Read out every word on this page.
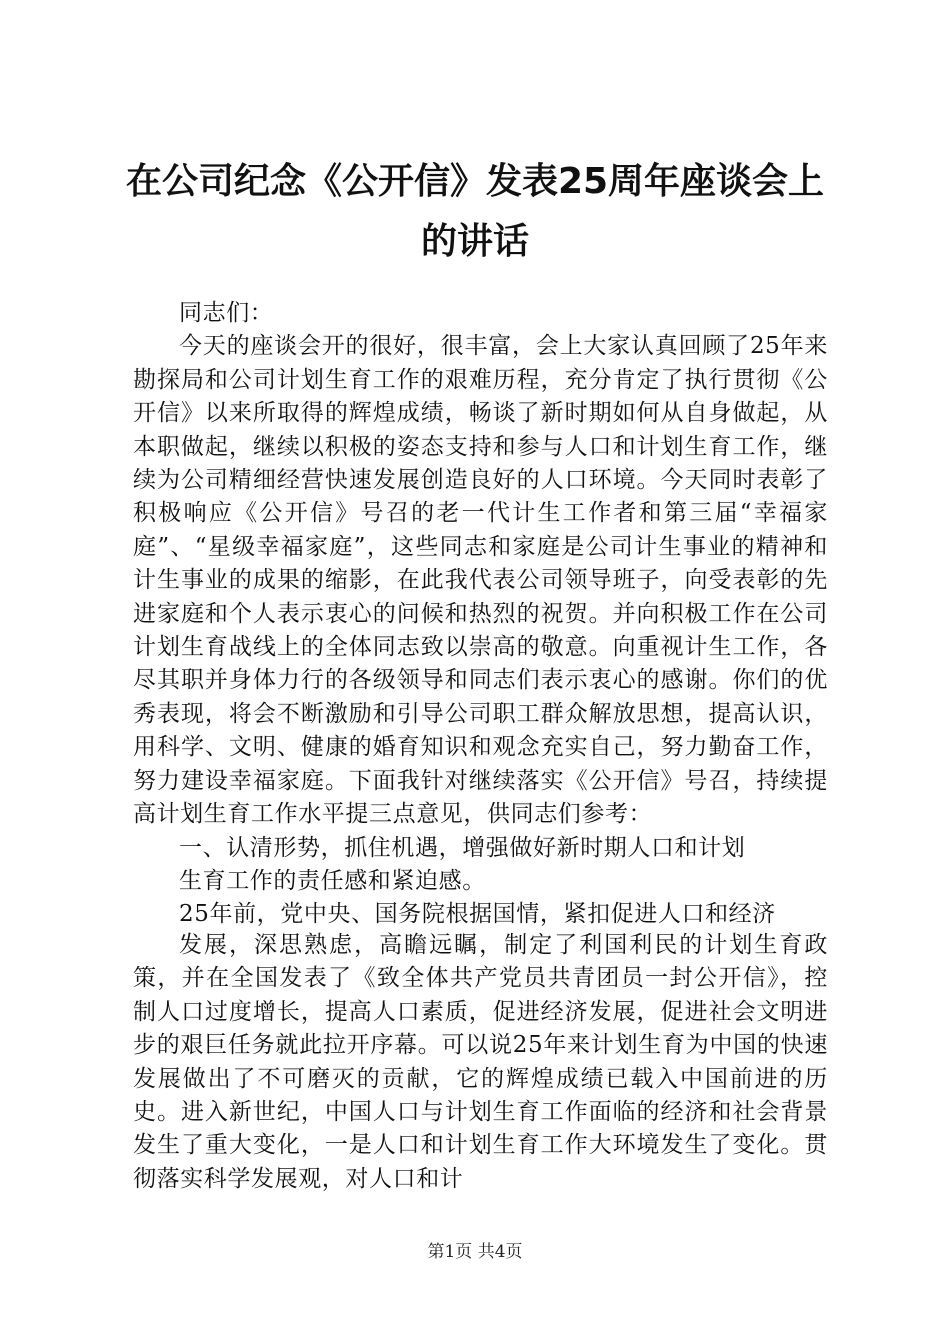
在公司纪念《公开信》发表25周年座谈会上
的讲话

同志们：

今天的座谈会开的很好，很丰富，会上大家认真回顾了25年来勘探局和公司计划生育工作的艰难历程，充分肯定了执行贯彻《公开信》以来所取得的辉煌成绩，畅谈了新时期如何从自身做起，从本职做起，继续以积极的姿态支持和参与人口和计划生育工作，继续为公司精细经营快速发展创造良好的人口环境。今天同时表彰了积极响应《公开信》号召的老一代计生工作者和第三届“幸福家庭”、“星级幸福家庭”，这些同志和家庭是公司计生事业的精神和计生事业的成果的缩影，在此我代表公司领导班子，向受表彰的先进家庭和个人表示衷心的问候和热烈的祝贺。并向积极工作在公司计划生育战线上的全体同志致以崇高的敬意。向重视计生工作，各尽其职并身体力行的各级领导和同志们表示衷心的感谢。你们的优秀表现，将会不断激励和引导公司职工群众解放思想，提高认识，用科学、文明、健康的婚育知识和观念充实自己，努力勤奋工作，努力建设幸福家庭。下面我针对继续落实《公开信》号召，持续提高计划生育工作水平提三点意见，供同志们参考：

一、认清形势，抓住机遇，增强做好新时期人口和计划

生育工作的责任感和紧迫感。

25年前，党中央、国务院根据国情，紧扣促进人口和经济

发展，深思熟虑，高瞻远瞩，制定了利国利民的计划生育政策，并在全国发表了《致全体共产党员共青团员一封公开信》，控制人口过度增长，提高人口素质，促进经济发展，促进社会文明进步的艰巨任务就此拉开序幕。可以说25年来计划生育为中国的快速发展做出了不可磨灭的贡献，它的辉煌成绩已载入中国前进的历史。进入新世纪，中国人口与计划生育工作面临的经济和社会背景发生了重大变化，一是人口和计划生育工作大环境发生了变化。贯彻落实科学发展观，对人口和计

第1页 共4页
